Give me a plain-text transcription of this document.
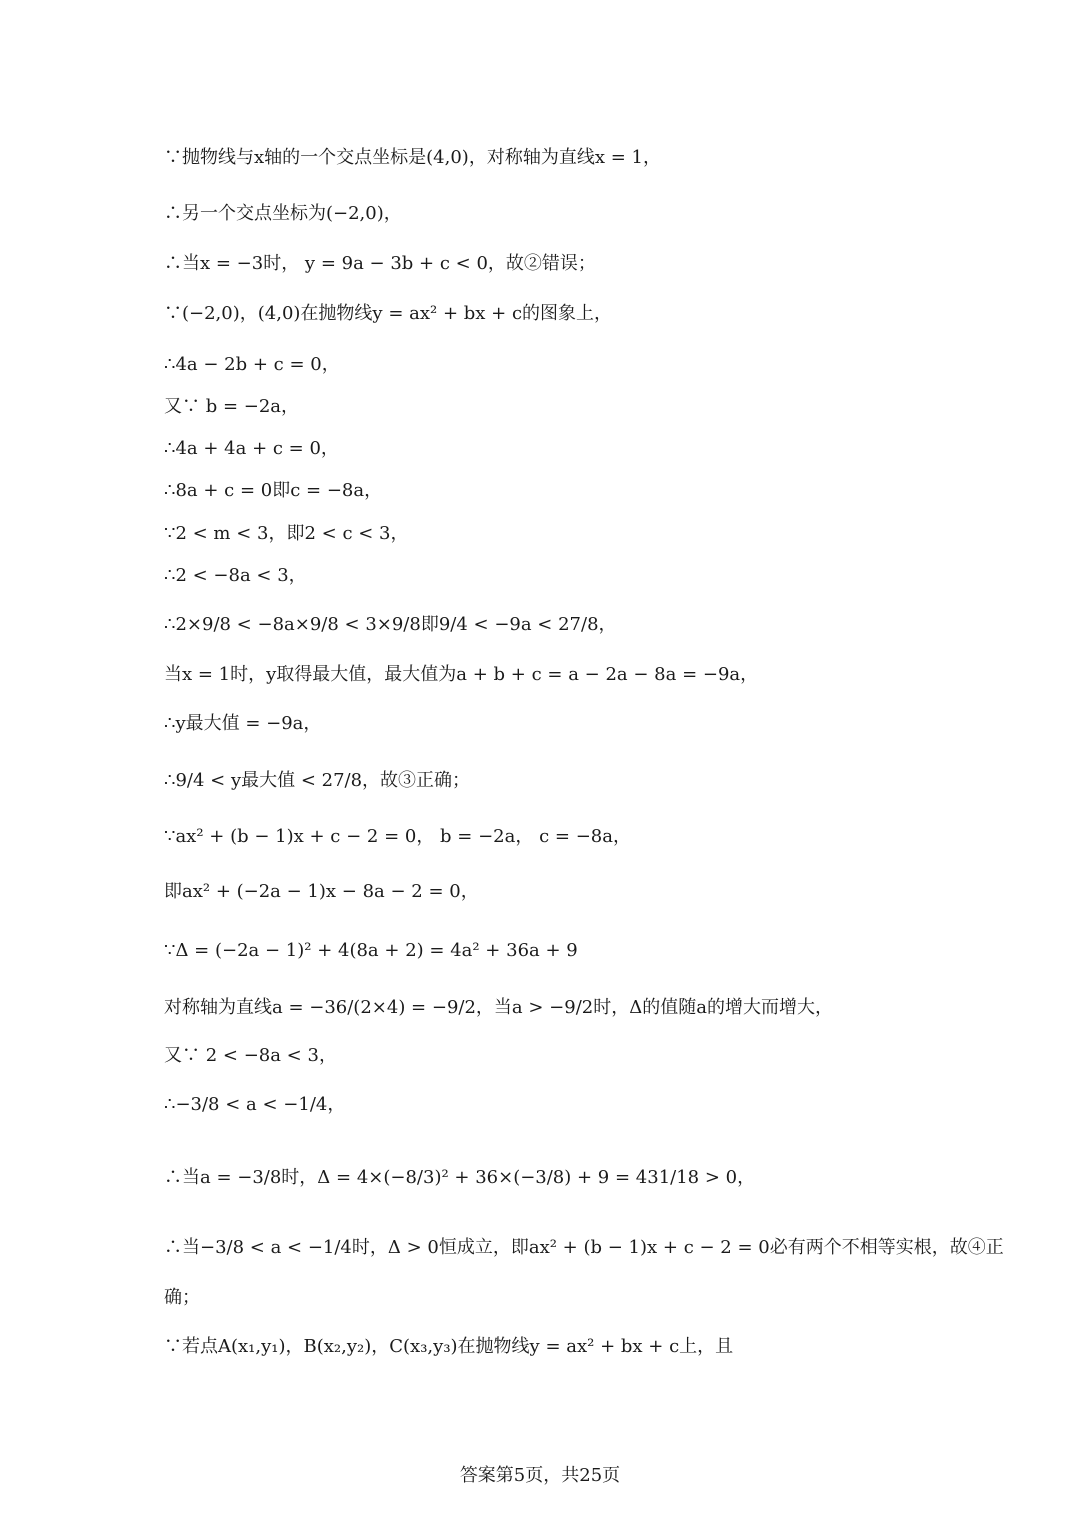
∵抛物线与x轴的一个交点坐标是(4,0)，对称轴为直线x = 1，
∴另一个交点坐标为(−2,0)，
∴当x = −3时， y = 9a − 3b + c < 0，故②错误；
∵(−2,0)，(4,0)在抛物线y = ax² + bx + c的图象上，
∴4a − 2b + c = 0，
又∵ b = −2a，
∴4a + 4a + c = 0，
∴8a + c = 0即c = −8a，
∵2 < m < 3，即2 < c < 3，
∴2 < −8a < 3，
∴2×9/8 < −8a×9/8 < 3×9/8即9/4 < −9a < 27/8，
当x = 1时，y取得最大值，最大值为a + b + c = a − 2a − 8a = −9a，
∴y最大值 = −9a，
∴9/4 < y最大值 < 27/8，故③正确；
∵ax² + (b − 1)x + c − 2 = 0， b = −2a， c = −8a，
即ax² + (−2a − 1)x − 8a − 2 = 0，
∵Δ = (−2a − 1)² + 4(8a + 2) = 4a² + 36a + 9
对称轴为直线a = −36/(2×4) = −9/2，当a > −9/2时，Δ的值随a的增大而增大，
又∵ 2 < −8a < 3，
∴−3/8 < a < −1/4，
∴当a = −3/8时，Δ = 4×(−8/3)² + 36×(−3/8) + 9 = 431/18 > 0，
∴当−3/8 < a < −1/4时，Δ > 0恒成立，即ax² + (b − 1)x + c − 2 = 0必有两个不相等实根，故④正
确；
∵若点A(x₁,y₁)，B(x₂,y₂)，C(x₃,y₃)在抛物线y = ax² + bx + c上，且
答案第5页，共25页
